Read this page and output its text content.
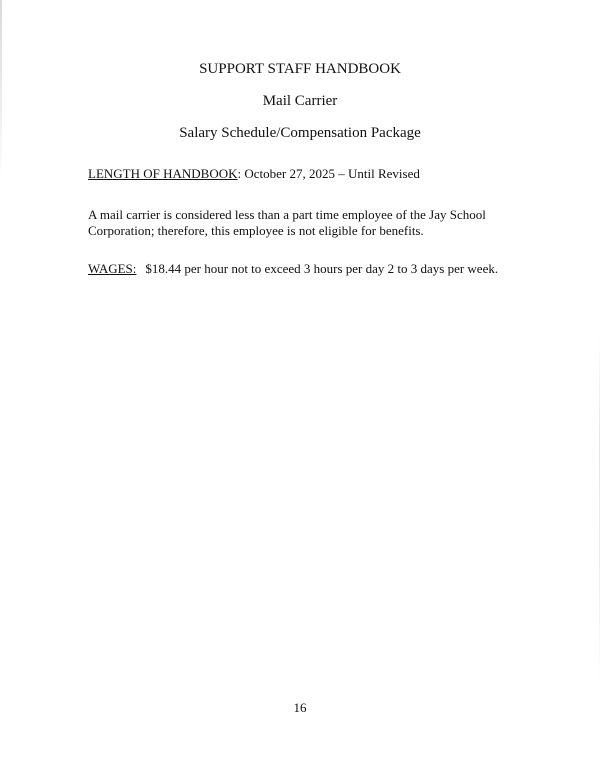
SUPPORT STAFF HANDBOOK
Mail Carrier
Salary Schedule/Compensation Package
LENGTH OF HANDBOOK: October 27, 2025 – Until Revised
A mail carrier is considered less than a part time employee of the Jay School Corporation; therefore, this employee is not eligible for benefits.
WAGES: $18.44 per hour not to exceed 3 hours per day 2 to 3 days per week.
16
